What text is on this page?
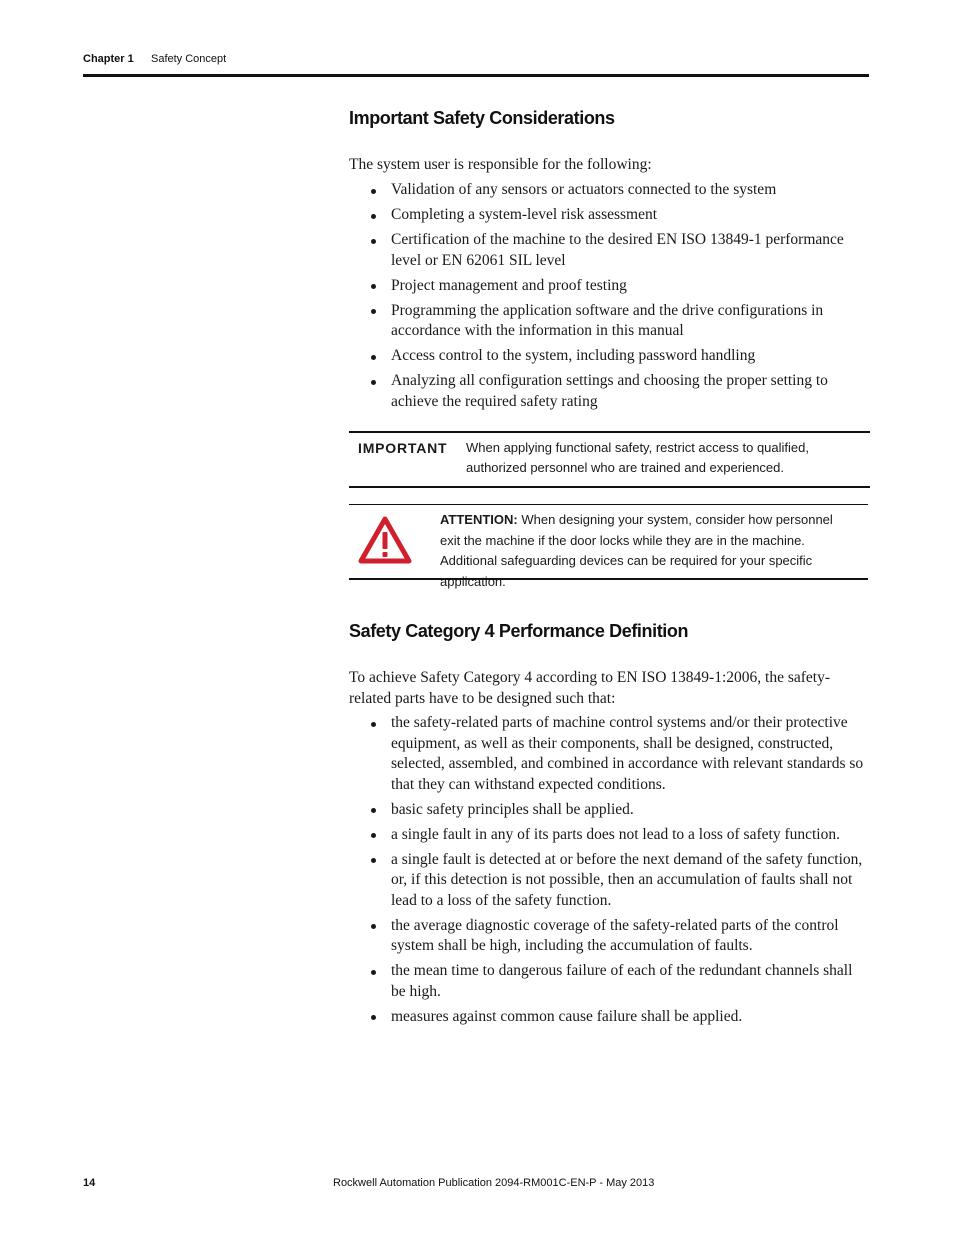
Chapter 1 Safety Concept
Important Safety Considerations

The system user is responsible for the following:

Validation of any sensors or actuators connected to the system
Completing a system-level risk assessment
Certification of the machine to the desired EN ISO 13849-1 performance level or EN 62061 SIL level
Project management and proof testing
Programming the application software and the drive configurations in accordance with the information in this manual
Access control to the system, including password handling
Analyzing all configuration settings and choosing the proper setting to achieve the required safety rating
IMPORTANT When applying functional safety, restrict access to qualified, authorized personnel who are trained and experienced.
ATTENTION: When designing your system, consider how personnel exit the machine if the door locks while they are in the machine. Additional safeguarding devices can be required for your specific application.
Safety Category 4 Performance Definition

To achieve Safety Category 4 according to EN ISO 13849-1:2006, the safety-related parts have to be designed such that:

the safety-related parts of machine control systems and/or their protective equipment, as well as their components, shall be designed, constructed, selected, assembled, and combined in accordance with relevant standards so that they can withstand expected conditions.
basic safety principles shall be applied.
a single fault in any of its parts does not lead to a loss of safety function.
a single fault is detected at or before the next demand of the safety function, or, if this detection is not possible, then an accumulation of faults shall not lead to a loss of the safety function.
the average diagnostic coverage of the safety-related parts of the control system shall be high, including the accumulation of faults.
the mean time to dangerous failure of each of the redundant channels shall be high.
measures against common cause failure shall be applied.
14	Rockwell Automation Publication 2094-RM001C-EN-P - May 2013
